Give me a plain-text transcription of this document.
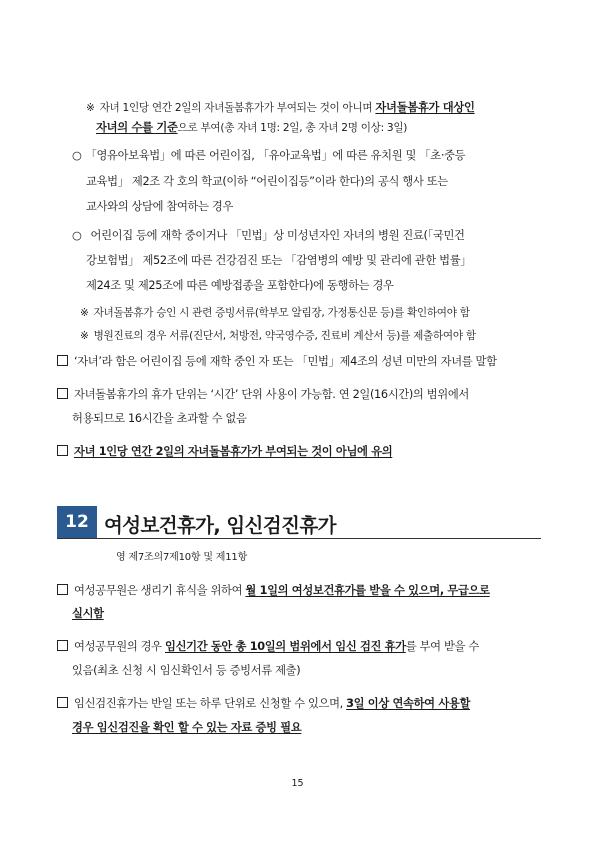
※ 자녀 1인당 연간 2일의 자녀돌봄휴가가 부여되는 것이 아니며 자녀돌봄휴가 대상인
자녀의 수를 기준으로 부여(총 자녀 1명: 2일, 총 자녀 2명 이상: 3일)
○ 「영유아보육법」에 따른 어린이집, 「유아교육법」에 따른 유치원 및 「초·중등
교육법」 제2조 각 호의 학교(이하 “어린이집등”이라 한다)의 공식 행사 또는
교사와의 상담에 참여하는 경우
○ 어린이집 등에 재학 중이거나 「민법」상 미성년자인 자녀의 병원 진료(「국민건
강보험법」 제52조에 따른 건강검진 또는 「감염병의 예방 및 관리에 관한 법률」
제24조 및 제25조에 따른 예방접종을 포함한다)에 동행하는 경우
※ 자녀돌봄휴가 승인 시 관련 증빙서류(학부모 알림장, 가정통신문 등)를 확인하여야 함
※ 병원진료의 경우 서류(진단서, 처방전, 약국영수증, 진료비 계산서 등)를 제출하여야 함
‘자녀’라 함은 어린이집 등에 재학 중인 자 또는 「민법」제4조의 성년 미만의 자녀를 말함
자녀돌봄휴가의 휴가 단위는 ‘시간’ 단위 사용이 가능함. 연 2일(16시간)의 범위에서
허용되므로 16시간을 초과할 수 없음
자녀 1인당 연간 2일의 자녀돌봄휴가가 부여되는 것이 아님에 유의
12 여성보건휴가, 임신검진휴가
영 제7조의7제10항 및 제11항
여성공무원은 생리기 휴식을 위하여 월 1일의 여성보건휴가를 받을 수 있으며, 무급으로
실시함
여성공무원의 경우 임신기간 동안 총 10일의 범위에서 임신 검진 휴가를 부여 받을 수
있음(최초 신청 시 임신확인서 등 증빙서류 제출)
임신검진휴가는 반일 또는 하루 단위로 신청할 수 있으며, 3일 이상 연속하여 사용할
경우 임신검진을 확인 할 수 있는 자료 증빙 필요
15
